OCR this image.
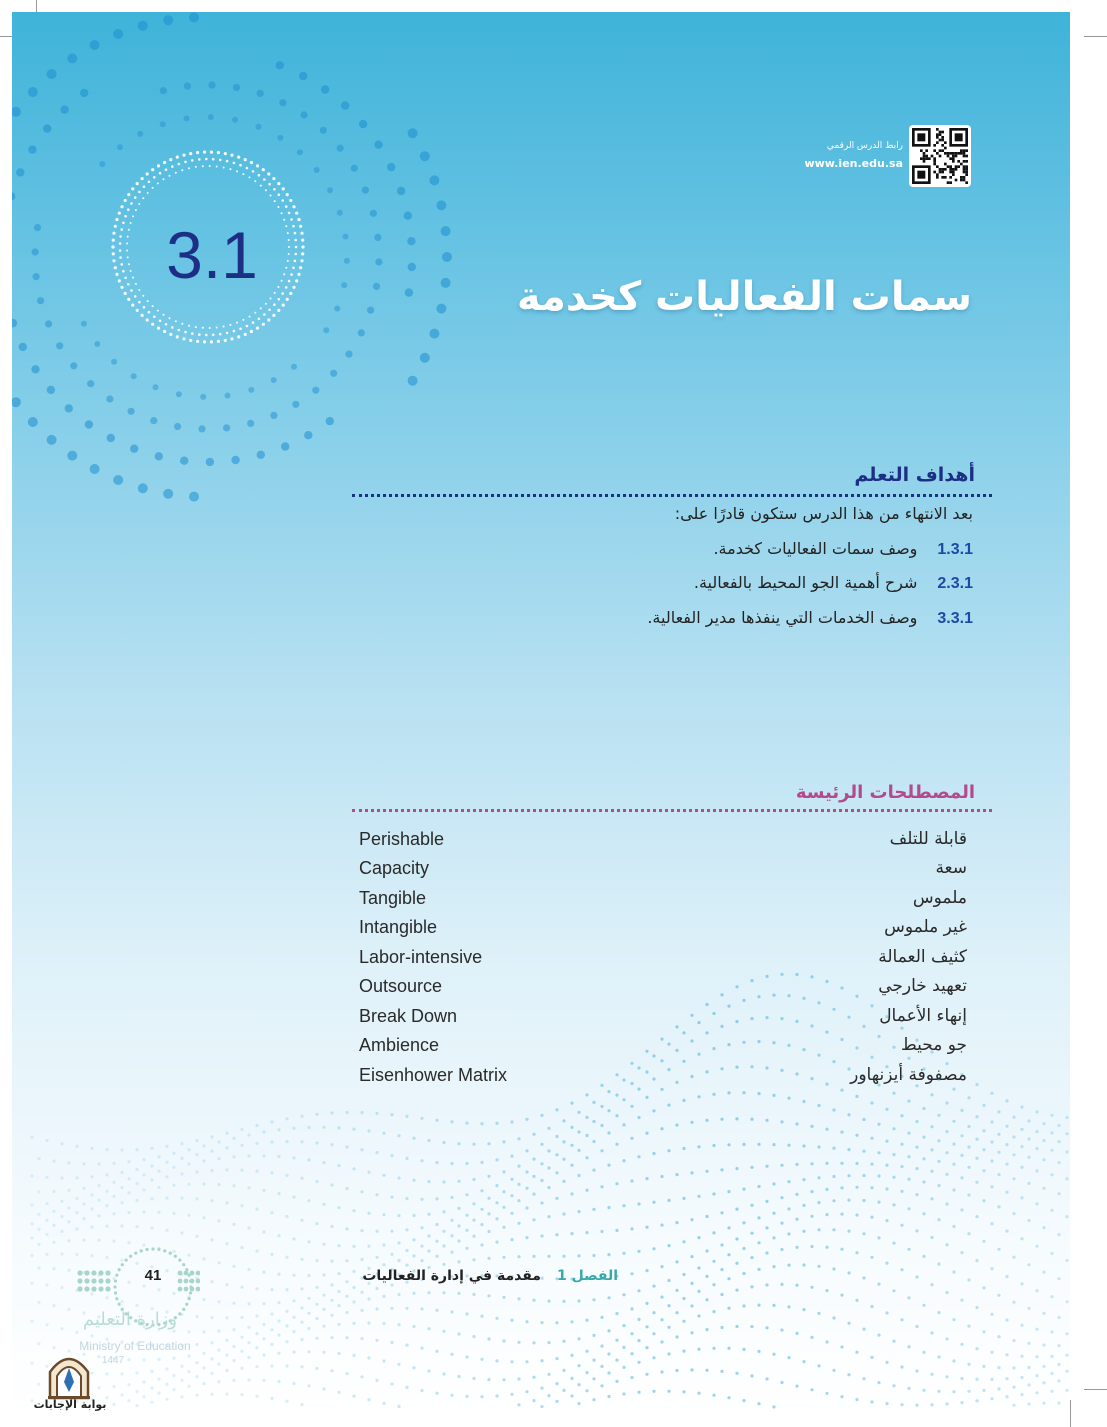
رابط الدرس الرقمي
www.ien.edu.sa
3.1
سمات الفعاليات كخدمة
أهداف التعلم
بعد الانتهاء من هذا الدرس ستكون قادرًا على:
1.3.1
وصف سمات الفعاليات كخدمة.
2.3.1
شرح أهمية الجو المحيط بالفعالية.
3.3.1
وصف الخدمات التي ينفذها مدير الفعالية.
المصطلحات الرئيسة
Perishable	قابلة للتلف
Capacity	سعة
Tangible	ملموس
Intangible	غير ملموس
Labor-intensive	كثيف العمالة
Outsource	تعهيد خارجي
Break Down	إنهاء الأعمال
Ambience	جو محيط
Eisenhower Matrix	مصفوفة أيزنهاور
الفصل 1مقدمة في إدارة الفعاليات
41
وزارة التعليم
Ministry of Education
1447
بوابة الإجابات
